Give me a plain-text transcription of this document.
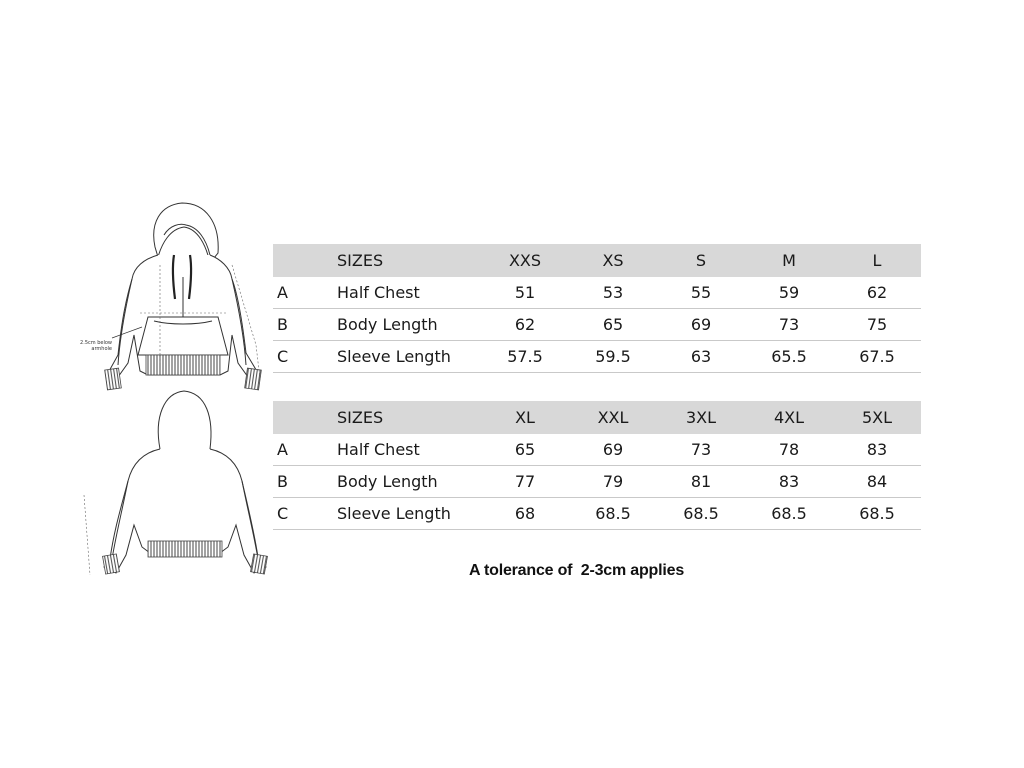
2.5cm below
armhole
	SIZES	XXS	XS	S	M	L
A	Half Chest	51	53	55	59	62
B	Body Length	62	65	69	73	75
C	Sleeve Length	57.5	59.5	63	65.5	67.5
	SIZES	XL	XXL	3XL	4XL	5XL
A	Half Chest	65	69	73	78	83
B	Body Length	77	79	81	83	84
C	Sleeve Length	68	68.5	68.5	68.5	68.5
A tolerance of  2-3cm applies
